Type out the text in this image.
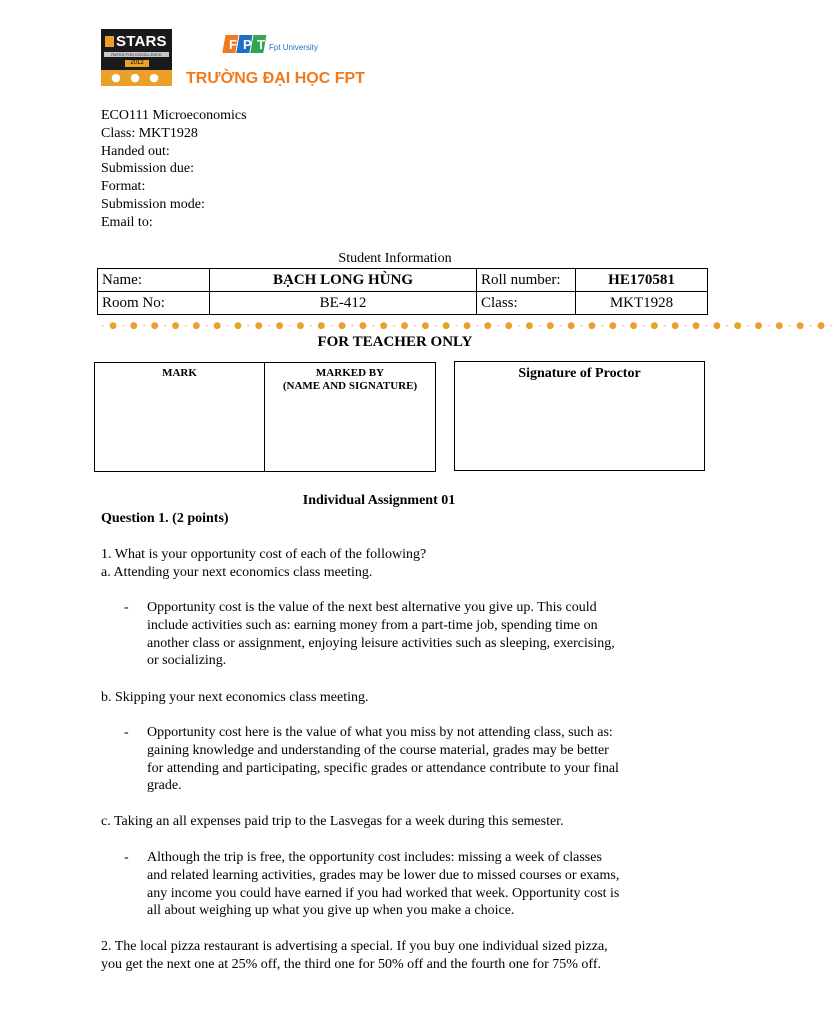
STARS
RATED FOR EXCELLENCE
2012
● ● ●
F P T Fpt University
TRƯỜNG ĐẠI HỌC FPT
ECO111 Microeconomics
Class: MKT1928
Handed out:
Submission due:
Format:
Submission mode:
Email to:
Student Information
Name:	BẠCH LONG HÙNG	Roll number:	HE170581
Room No:	BE-412	Class:	MKT1928
- ● - ● - ● - ● - ● - ● - ● - ● - ● - ● - ● - ● - ● - ● - ● - ● - ● - ● - ● - ● - ● - ● - ● - ● - ● - ● - ● - ● - ● - ● - ● - ● - ● - ● - ● -
FOR TEACHER ONLY
MARK	MARKED BY
(NAME AND SIGNATURE)
Signature of Proctor
Individual Assignment 01
Question 1. (2 points)
1. What is your opportunity cost of each of the following?
a. Attending your next economics class meeting.
- Opportunity cost is the value of the next best alternative you give up. This could
include activities such as: earning money from a part-time job, spending time on
another class or assignment, enjoying leisure activities such as sleeping, exercising,
or socializing.
b. Skipping your next economics class meeting.
- Opportunity cost here is the value of what you miss by not attending class, such as:
gaining knowledge and understanding of the course material, grades may be better
for attending and participating, specific grades or attendance contribute to your final
grade.
c. Taking an all expenses paid trip to the Lasvegas for a week during this semester.
- Although the trip is free, the opportunity cost includes: missing a week of classes
and related learning activities, grades may be lower due to missed courses or exams,
any income you could have earned if you had worked that week. Opportunity cost is
all about weighing up what you give up when you make a choice.
2. The local pizza restaurant is advertising a special. If you buy one individual sized pizza,
you get the next one at 25% off, the third one for 50% off and the fourth one for 75% off.
